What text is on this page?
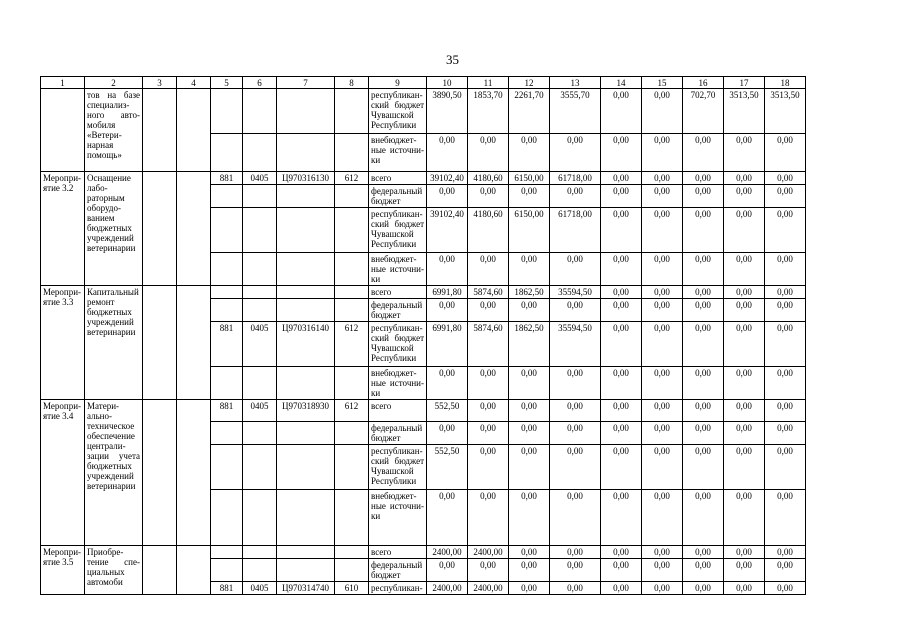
35
1	2	3	4	5	6	7	8	9	10	11	12	13	14	15	16	17	18
	тов на базе специализного автомобиля «Ветеринарная помощь»							республиканский бюджет Чувашской Республики	3890,50	1853,70	2261,70	3555,70	0,00	0,00	702,70	3513,50	3513,50
								внебюджетные источники	0,00	0,00	0,00	0,00	0,00	0,00	0,00	0,00	0,00
Мероприятие 3.2	Оснащение лабораторным оборудованием бюджетных учреждений ветеринарии			881	0405	Ц970316130	612	всего	39102,40	4180,60	6150,00	61718,00	0,00	0,00	0,00	0,00	0,00
								федеральный бюджет	0,00	0,00	0,00	0,00	0,00	0,00	0,00	0,00	0,00
								республиканский бюджет Чувашской Республики	39102,40	4180,60	6150,00	61718,00	0,00	0,00	0,00	0,00	0,00
								внебюджетные источники	0,00	0,00	0,00	0,00	0,00	0,00	0,00	0,00	0,00
Мероприятие 3.3	Капитальный ремонт бюджетных учреждений ветеринарии							всего	6991,80	5874,60	1862,50	35594,50	0,00	0,00	0,00	0,00	0,00
								федеральный бюджет	0,00	0,00	0,00	0,00	0,00	0,00	0,00	0,00	0,00
				881	0405	Ц970316140	612	республиканский бюджет Чувашской Республики	6991,80	5874,60	1862,50	35594,50	0,00	0,00	0,00	0,00	0,00
								внебюджетные источники	0,00	0,00	0,00	0,00	0,00	0,00	0,00	0,00	0,00
Мероприятие 3.4	Материально-техническое обеспечение централизации учета бюджетных учреждений ветеринарии			881	0405	Ц970318930	612	всего	552,50	0,00	0,00	0,00	0,00	0,00	0,00	0,00	0,00
								федеральный бюджет	0,00	0,00	0,00	0,00	0,00	0,00	0,00	0,00	0,00
								республиканский бюджет Чувашской Республики	552,50	0,00	0,00	0,00	0,00	0,00	0,00	0,00	0,00
								внебюджетные источники	0,00	0,00	0,00	0,00	0,00	0,00	0,00	0,00	0,00
Мероприятие 3.5	Приобретение специальных автомоби							всего	2400,00	2400,00	0,00	0,00	0,00	0,00	0,00	0,00	0,00
								федеральный бюджет	0,00	0,00	0,00	0,00	0,00	0,00	0,00	0,00	0,00
				881	0405	Ц970314740	610	республикан-	2400,00	2400,00	0,00	0,00	0,00	0,00	0,00	0,00	0,00
